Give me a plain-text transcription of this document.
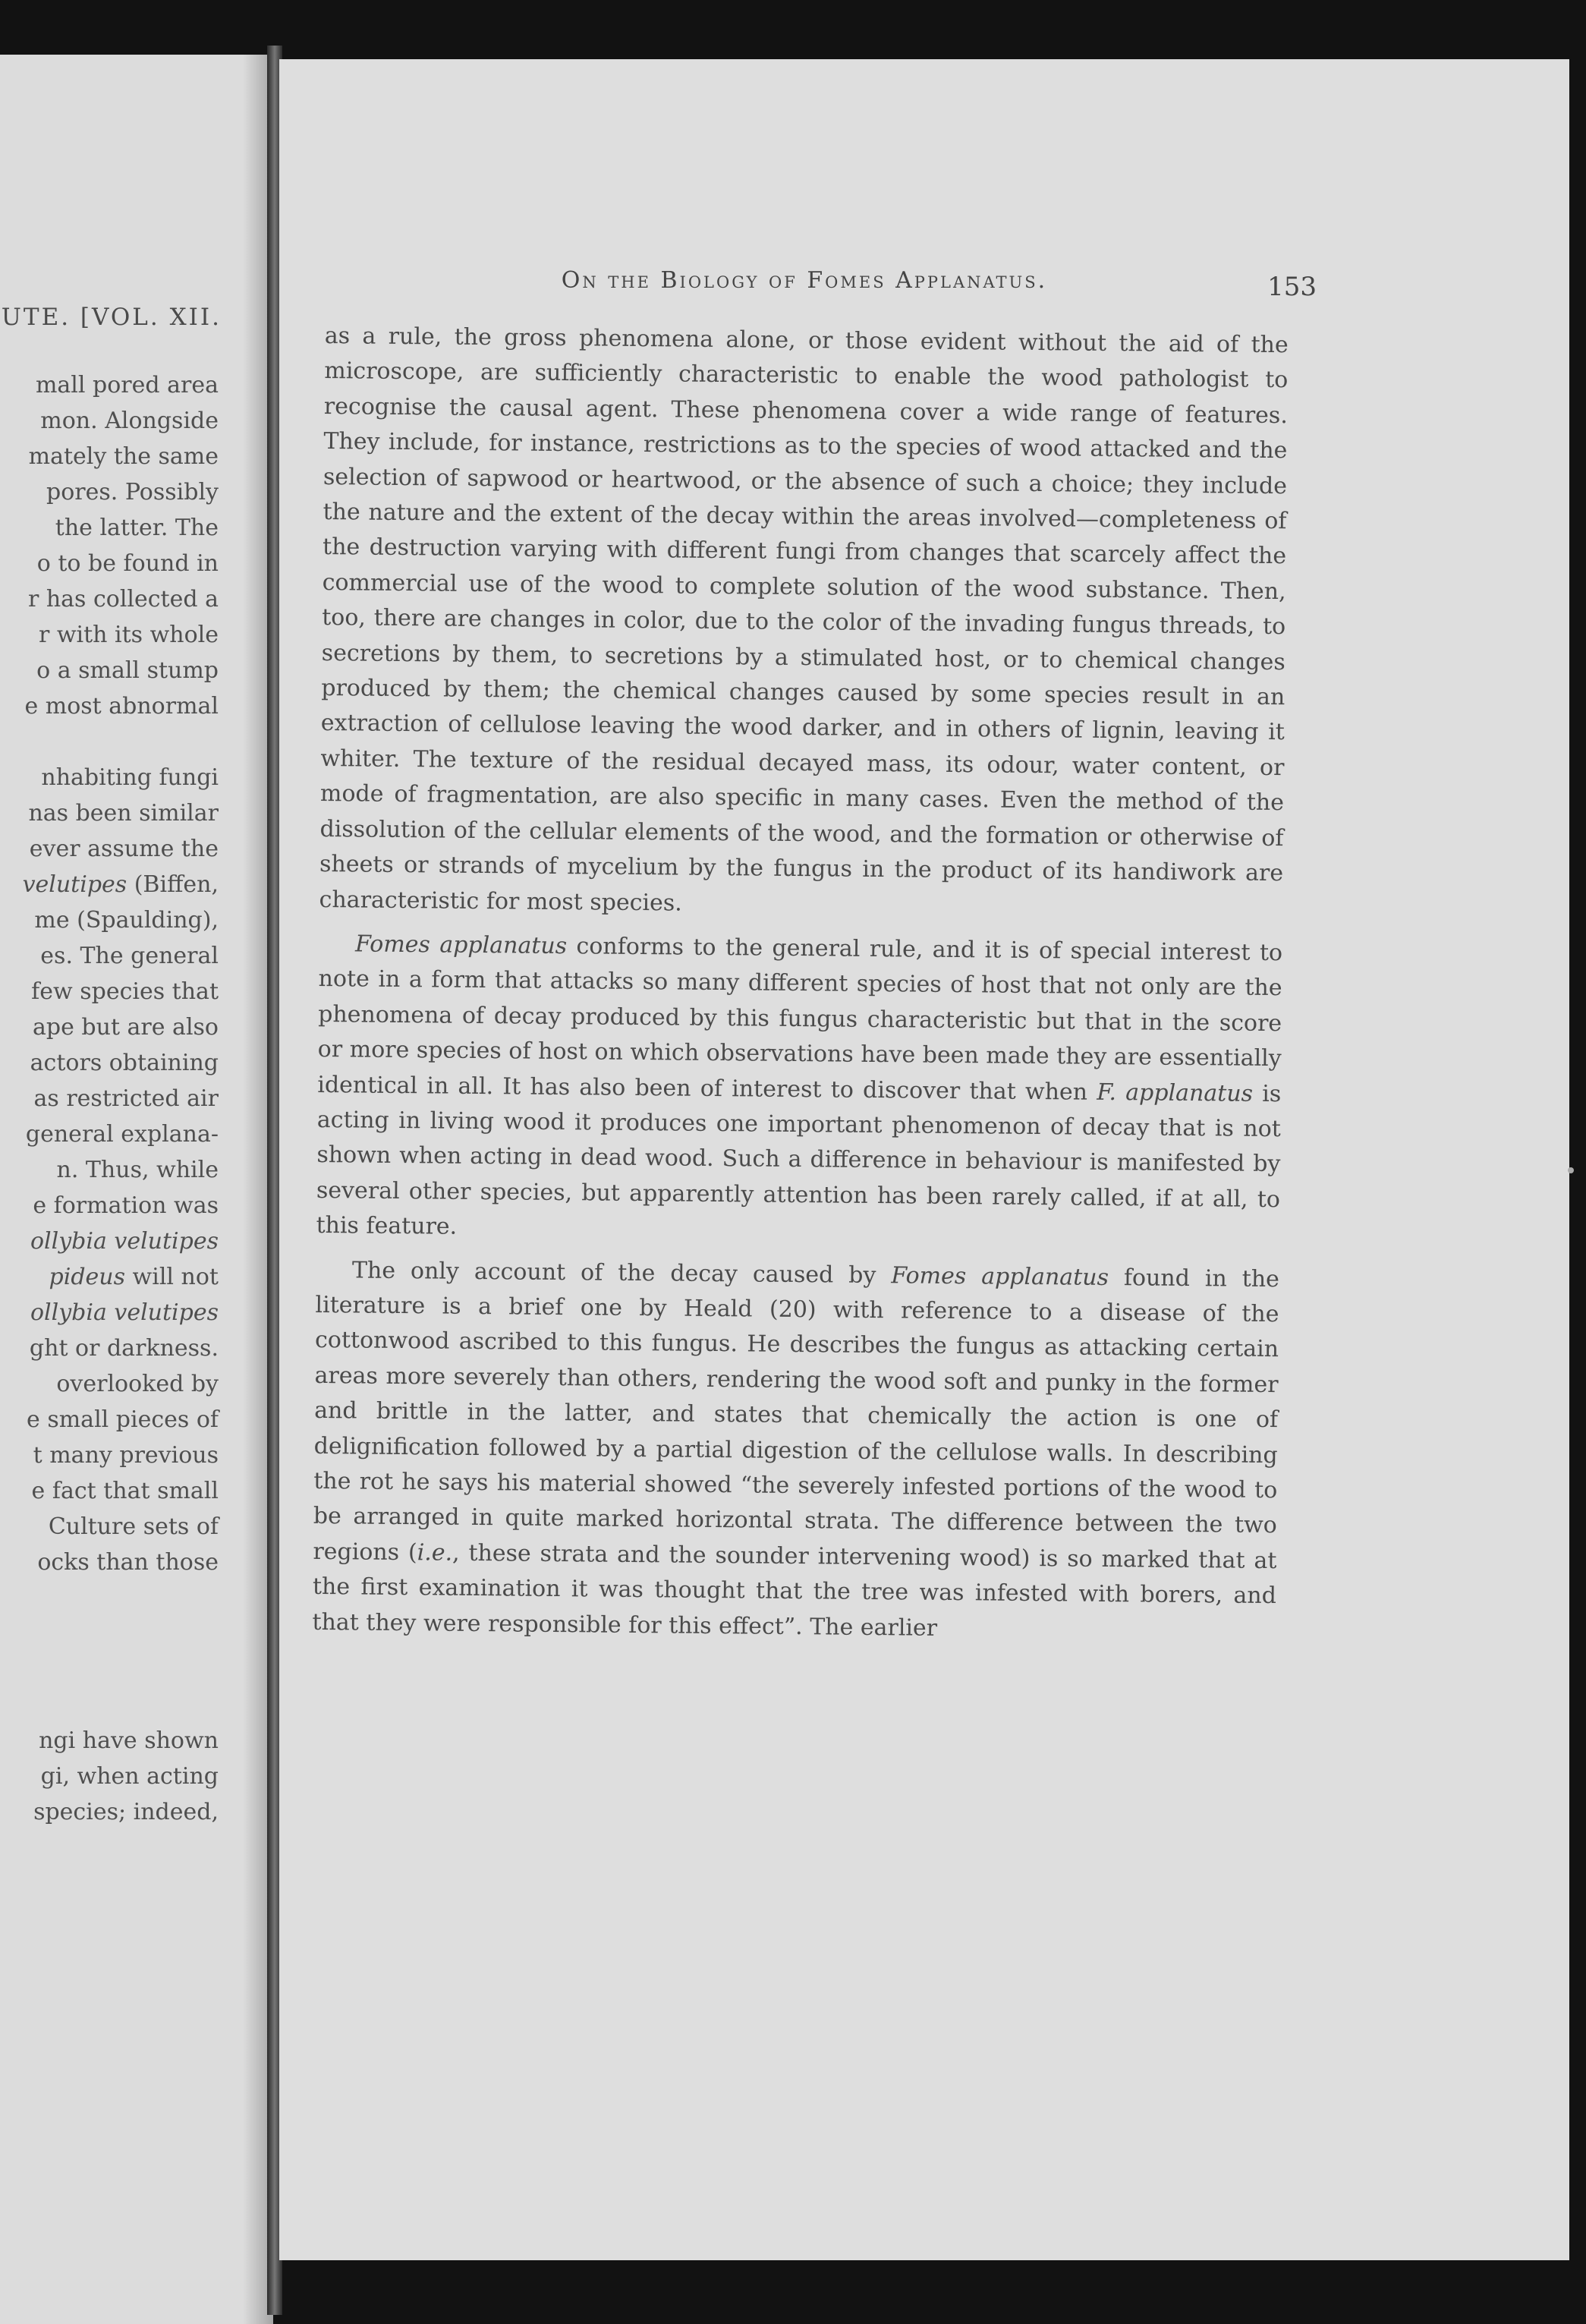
UTE. [VOL. XII.
mall pored area
mon. Alongside
mately the same
pores. Possibly
the latter. The
o to be found in
r has collected a
r with its whole
o a small stump
e most abnormal
nhabiting fungi
nas been similar
ever assume the
velutipes (Biffen,
me (Spaulding),
es. The general
few species that
ape but are also
actors obtaining
as restricted air
general explana-
n. Thus, while
e formation was
ollybia velutipes
pideus will not
ollybia velutipes
ght or darkness.
overlooked by
e small pieces of
t many previous
e fact that small
Culture sets of
ocks than those
ngi have shown
gi, when acting
species; indeed,
On the Biology of Fomes Applanatus.	153

as a rule, the gross phenomena alone, or those evident without the aid of the microscope, are sufficiently characteristic to enable the wood pathologist to recognise the causal agent. These phenomena cover a wide range of features. They include, for instance, restrictions as to the species of wood attacked and the selection of sapwood or heartwood, or the absence of such a choice; they include the nature and the extent of the decay within the areas involved—completeness of the destruction varying with different fungi from changes that scarcely affect the commercial use of the wood to complete solution of the wood substance. Then, too, there are changes in color, due to the color of the invading fungus threads, to secretions by them, to secretions by a stimulated host, or to chemical changes produced by them; the chemical changes caused by some species result in an extraction of cellulose leaving the wood darker, and in others of lignin, leaving it whiter. The texture of the residual decayed mass, its odour, water content, or mode of fragmentation, are also specific in many cases. Even the method of the dissolution of the cellular elements of the wood, and the formation or otherwise of sheets or strands of mycelium by the fungus in the product of its handiwork are characteristic for most species.

Fomes applanatus conforms to the general rule, and it is of special interest to note in a form that attacks so many different species of host that not only are the phenomena of decay produced by this fungus characteristic but that in the score or more species of host on which observations have been made they are essentially identical in all. It has also been of interest to discover that when F. applanatus is acting in living wood it produces one important phenomenon of decay that is not shown when acting in dead wood. Such a difference in behaviour is manifested by several other species, but apparently attention has been rarely called, if at all, to this feature.

The only account of the decay caused by Fomes applanatus found in the literature is a brief one by Heald (20) with reference to a disease of the cottonwood ascribed to this fungus. He describes the fungus as attacking certain areas more severely than others, rendering the wood soft and punky in the former and brittle in the latter, and states that chemically the action is one of delignification followed by a partial digestion of the cellulose walls. In describing the rot he says his material showed “the severely infested portions of the wood to be arranged in quite marked horizontal strata. The difference between the two regions (i.e., these strata and the sounder intervening wood) is so marked that at the first examination it was thought that the tree was infested with borers, and that they were responsible for this effect”. The earlier
